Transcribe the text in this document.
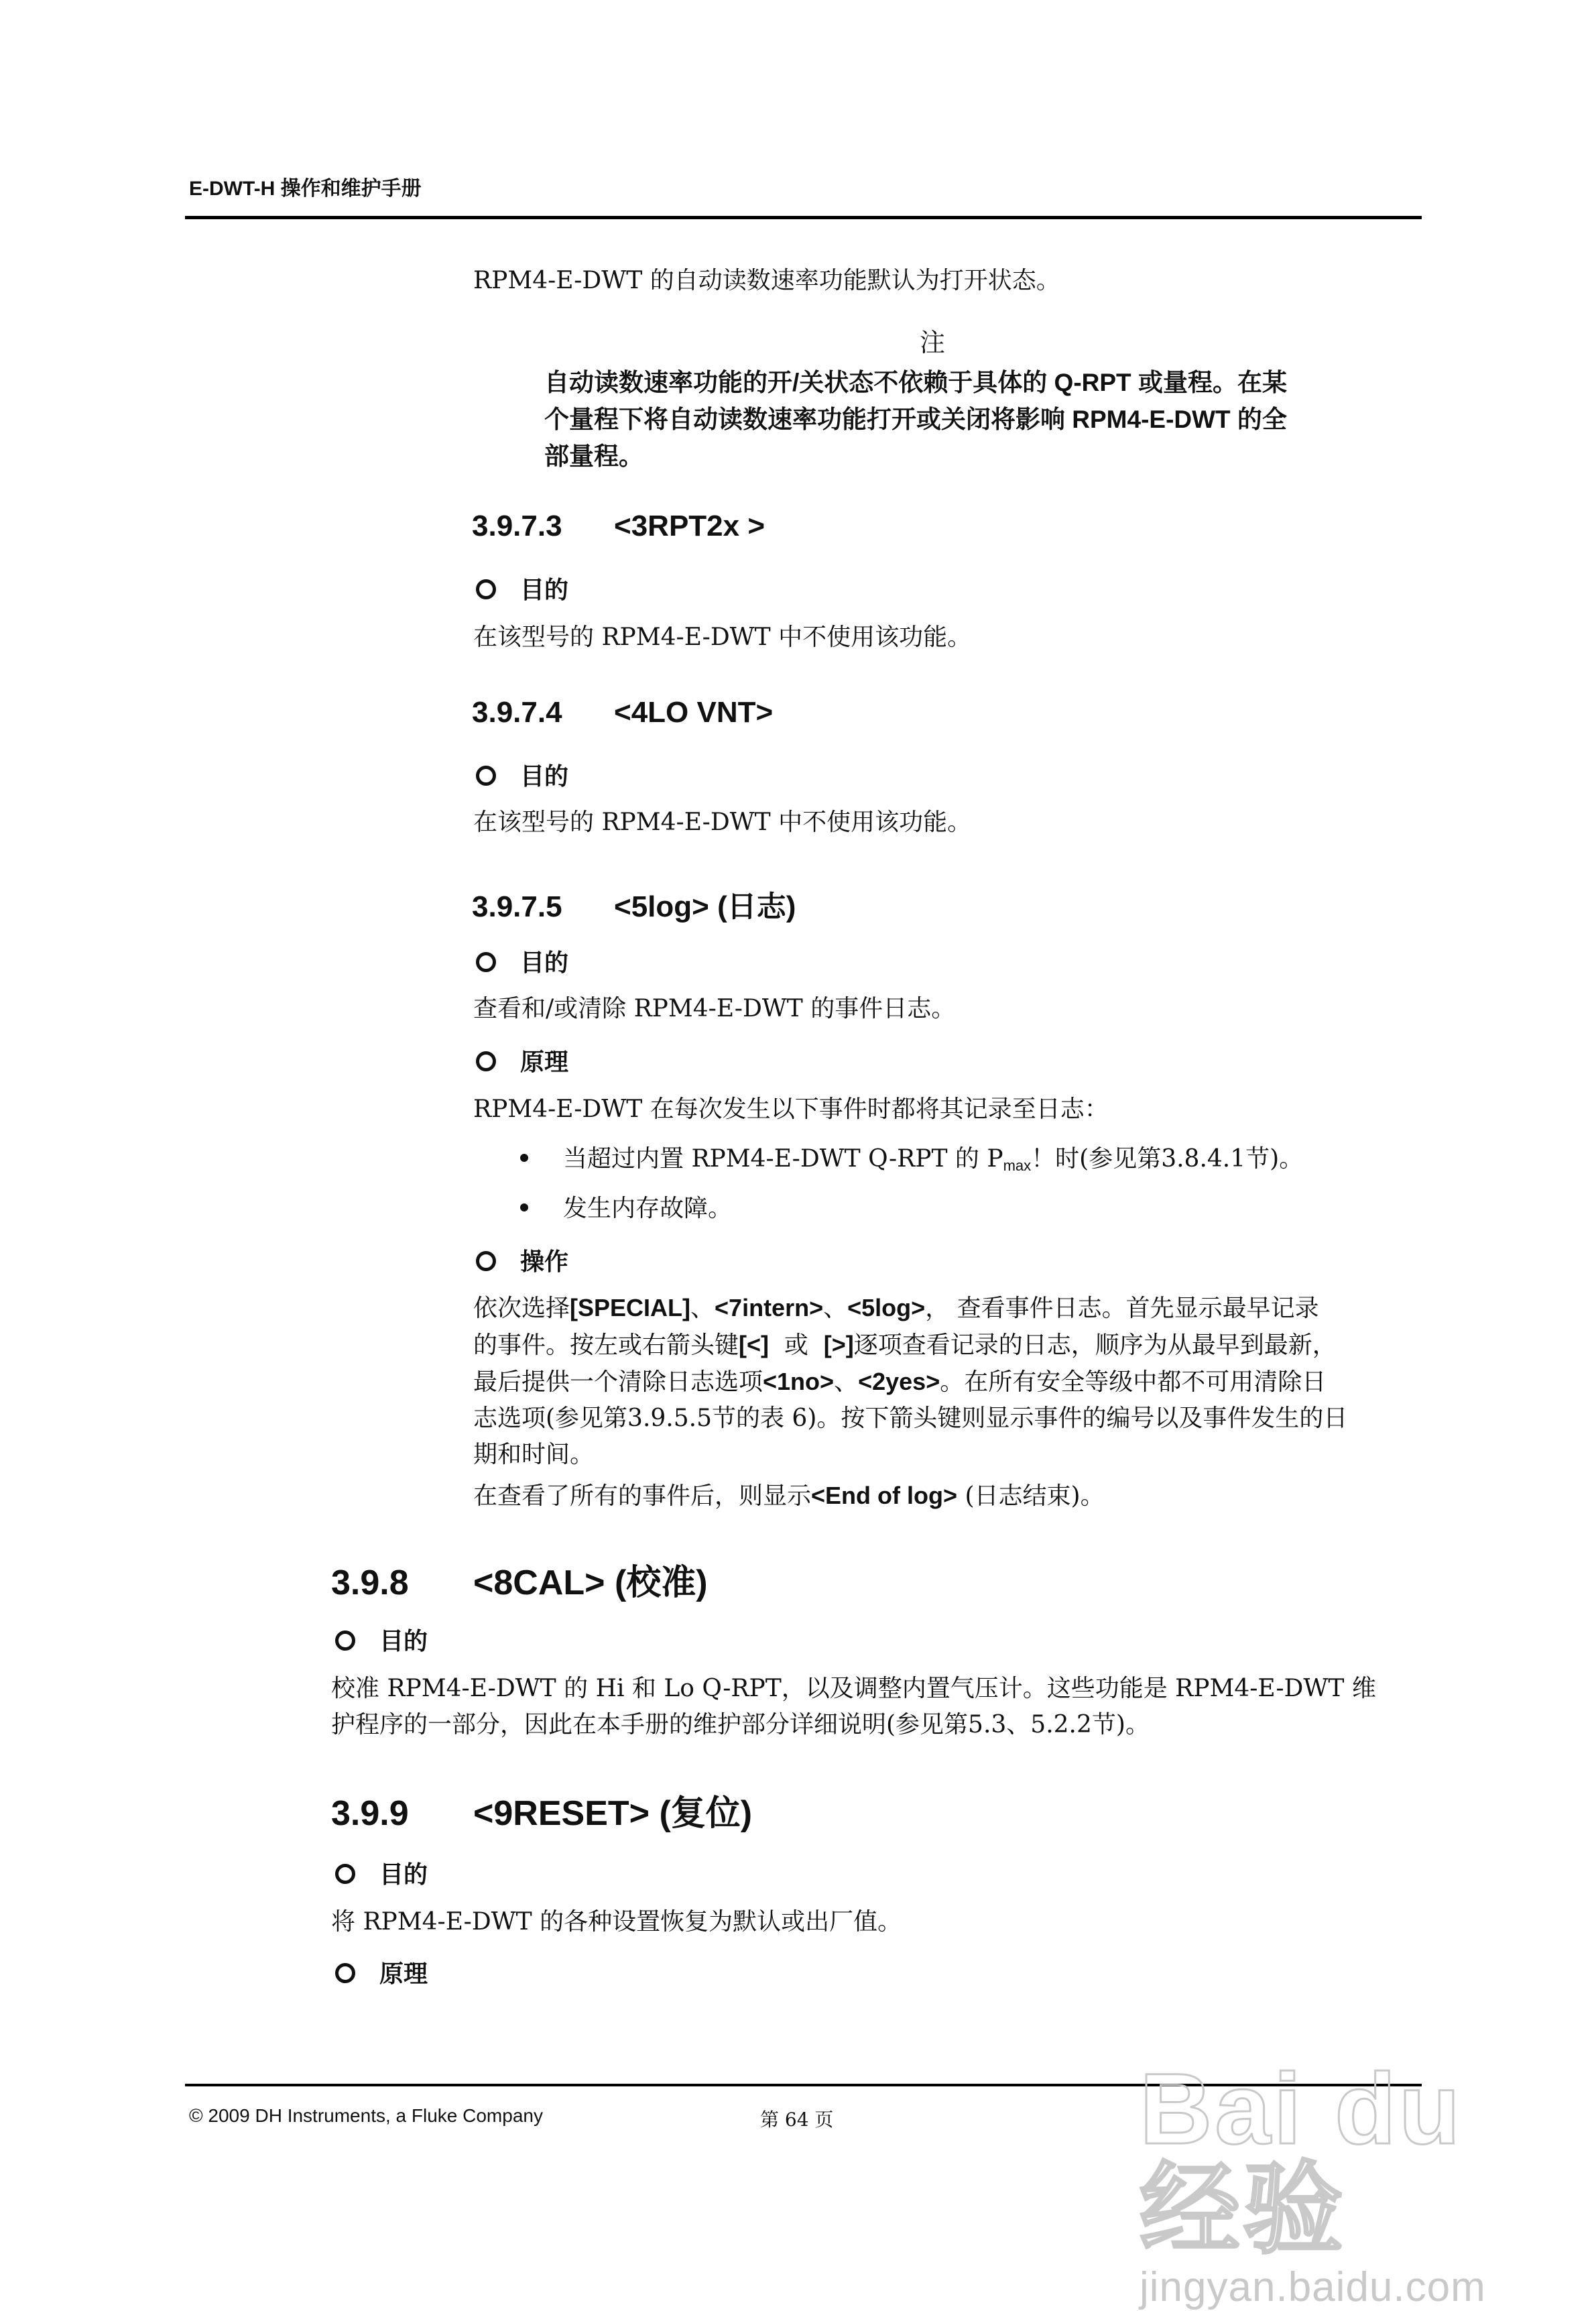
E-DWT-H 操作和维护手册
RPM4-E-DWT 的自动读数速率功能默认为打开状态。
注
自动读数速率功能的开/关状态不依赖于具体的 Q-RPT 或量程。在某
个量程下将自动读数速率功能打开或关闭将影响 RPM4-E-DWT 的全
部量程。
3.9.7.3 <3RPT2x >
目的
在该型号的 RPM4-E-DWT 中不使用该功能。
3.9.7.4 <4LO VNT>
目的
在该型号的 RPM4-E-DWT 中不使用该功能。
3.9.7.5 <5log> (日志)
目的
查看和/或清除 RPM4-E-DWT 的事件日志。
原理
RPM4-E-DWT 在每次发生以下事件时都将其记录至日志：
当超过内置 RPM4-E-DWT Q-RPT 的 $P_{max}$！时(参见第3.8.4.1节)。
发生内存故障。
操作
依次选择[SPECIAL]、<7intern>、<5log>， 查看事件日志。首先显示最早记录
的事件。按左或右箭头键[<]  或  [>]逐项查看记录的日志，顺序为从最早到最新，
最后提供一个清除日志选项<1no>、<2yes>。在所有安全等级中都不可用清除日
志选项(参见第3.9.5.5节的表 6)。按下箭头键则显示事件的编号以及事件发生的日
期和时间。
在查看了所有的事件后，则显示<End of log> (日志结束)。
3.9.8 <8CAL> (校准)
目的
校准 RPM4-E-DWT 的 Hi 和 Lo Q-RPT，以及调整内置气压计。这些功能是 RPM4-E-DWT 维
护程序的一部分，因此在本手册的维护部分详细说明(参见第5.3、5.2.2节)。
3.9.9 <9RESET> (复位)
目的
将 RPM4-E-DWT 的各种设置恢复为默认或出厂值。
原理
© 2009 DH Instruments, a Fluke Company	第 64 页	Bai du 经验
jingyan.baidu.com
